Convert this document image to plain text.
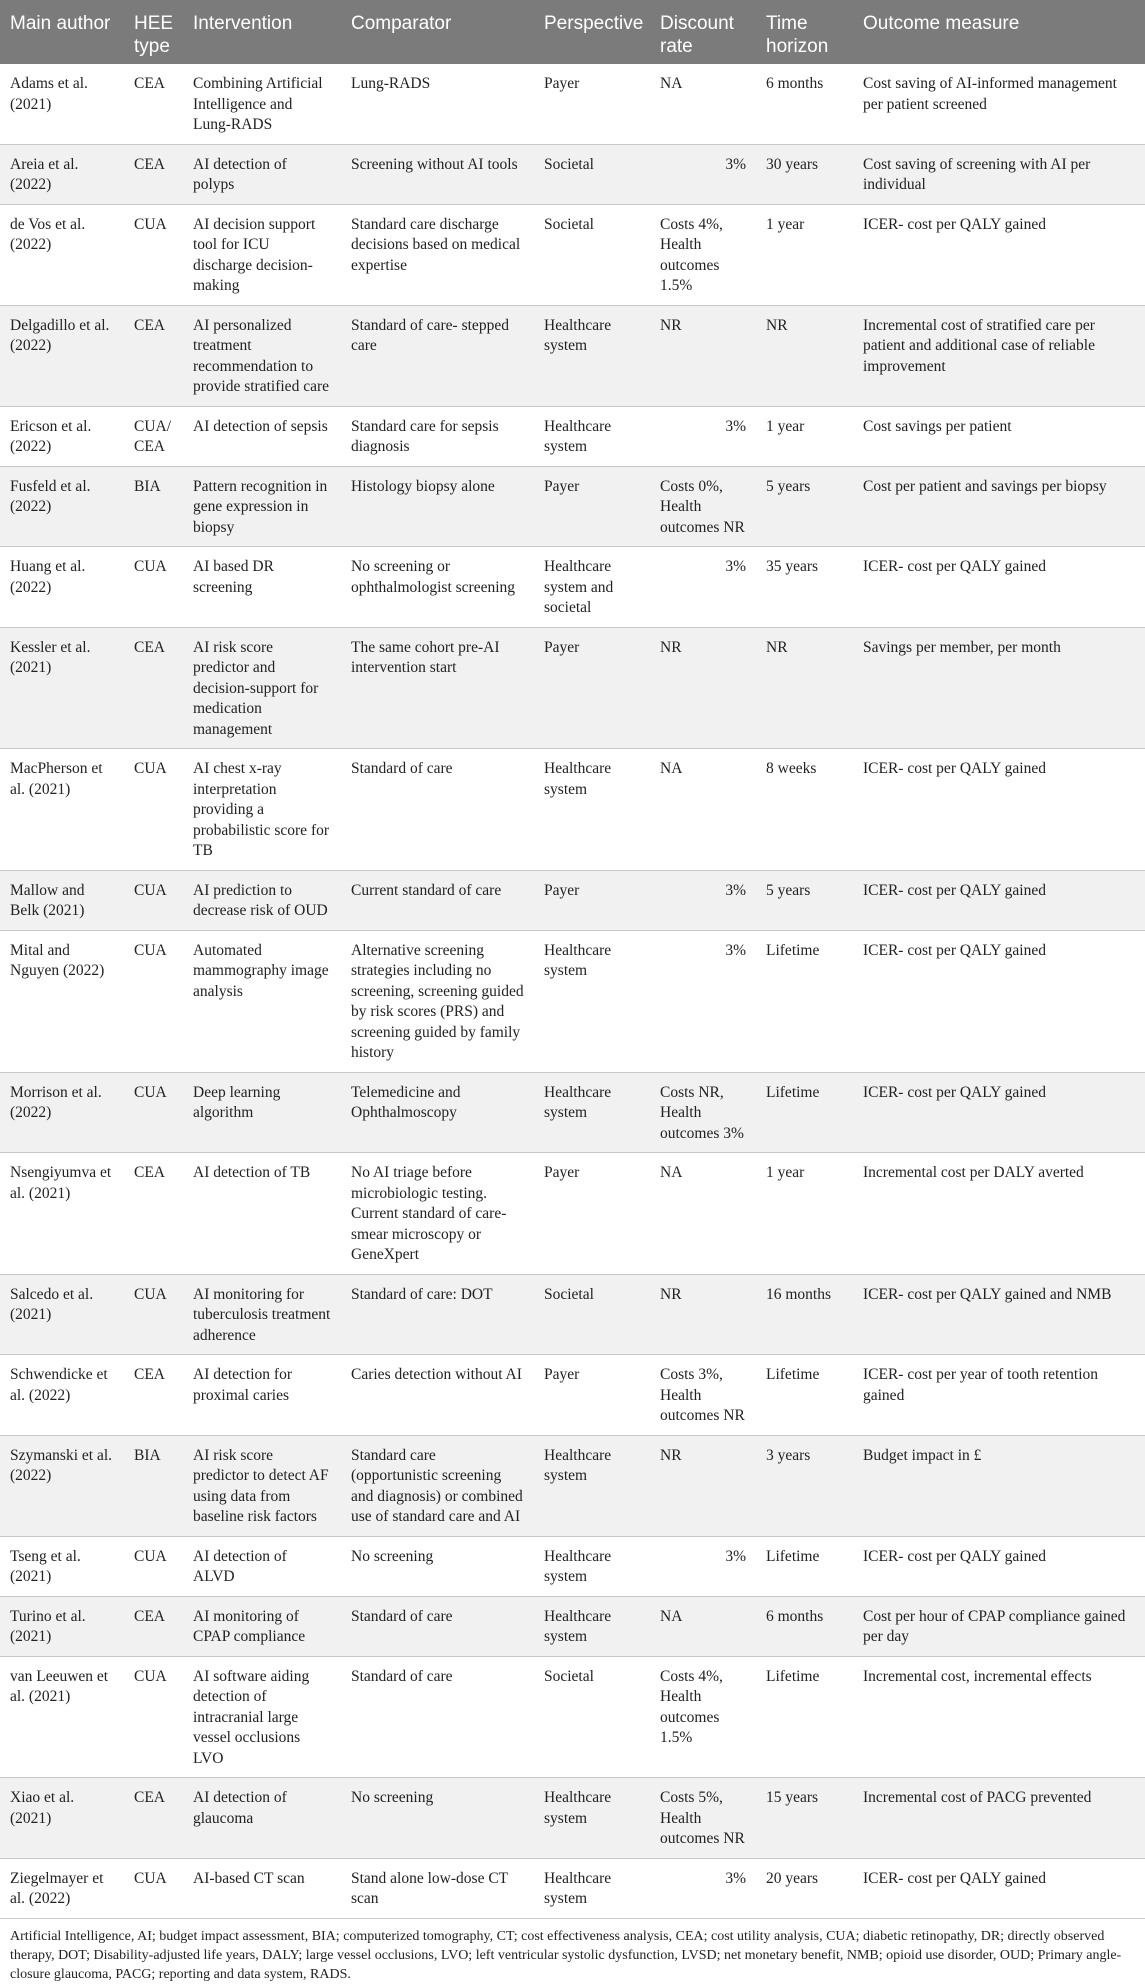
Main author	HEE type	Intervention	Comparator	Perspective	Discount rate	Time horizon	Outcome measure
Adams et al. (2021)	CEA	Combining Artificial Intelligence and Lung-RADS	Lung-RADS	Payer	NA	6 months	Cost saving of AI-informed management per patient screened
Areia et al. (2022)	CEA	AI detection of polyps	Screening without AI tools	Societal	3%	30 years	Cost saving of screening with AI per individual
de Vos et al. (2022)	CUA	AI decision support tool for ICU discharge decision-making	Standard care discharge decisions based on medical expertise	Societal	Costs 4%, Health outcomes 1.5%	1 year	ICER- cost per QALY gained
Delgadillo et al. (2022)	CEA	AI personalized treatment recommendation to provide stratified care	Standard of care- stepped care	Healthcare system	NR	NR	Incremental cost of stratified care per patient and additional case of reliable improvement
Ericson et al. (2022)	CUA/ CEA	AI detection of sepsis	Standard care for sepsis diagnosis	Healthcare system	3%	1 year	Cost savings per patient
Fusfeld et al. (2022)	BIA	Pattern recognition in gene expression in biopsy	Histology biopsy alone	Payer	Costs 0%, Health outcomes NR	5 years	Cost per patient and savings per biopsy
Huang et al. (2022)	CUA	AI based DR screening	No screening or ophthalmologist screening	Healthcare system and societal	3%	35 years	ICER- cost per QALY gained
Kessler et al. (2021)	CEA	AI risk score predictor and decision-support for medication management	The same cohort pre-AI intervention start	Payer	NR	NR	Savings per member, per month
MacPherson et al. (2021)	CUA	AI chest x-ray interpretation providing a probabilistic score for TB	Standard of care	Healthcare system	NA	8 weeks	ICER- cost per QALY gained
Mallow and Belk (2021)	CUA	AI prediction to decrease risk of OUD	Current standard of care	Payer	3%	5 years	ICER- cost per QALY gained
Mital and Nguyen (2022)	CUA	Automated mammography image analysis	Alternative screening strategies including no screening, screening guided by risk scores (PRS) and screening guided by family history	Healthcare system	3%	Lifetime	ICER- cost per QALY gained
Morrison et al. (2022)	CUA	Deep learning algorithm	Telemedicine and Ophthalmoscopy	Healthcare system	Costs NR, Health outcomes 3%	Lifetime	ICER- cost per QALY gained
Nsengiyumva et al. (2021)	CEA	AI detection of TB	No AI triage before microbiologic testing. Current standard of care- smear microscopy or GeneXpert	Payer	NA	1 year	Incremental cost per DALY averted
Salcedo et al. (2021)	CUA	AI monitoring for tuberculosis treatment adherence	Standard of care: DOT	Societal	NR	16 months	ICER- cost per QALY gained and NMB
Schwendicke et al. (2022)	CEA	AI detection for proximal caries	Caries detection without AI	Payer	Costs 3%, Health outcomes NR	Lifetime	ICER- cost per year of tooth retention gained
Szymanski et al. (2022)	BIA	AI risk score predictor to detect AF using data from baseline risk factors	Standard care (opportunistic screening and diagnosis) or combined use of standard care and AI	Healthcare system	NR	3 years	Budget impact in £
Tseng et al. (2021)	CUA	AI detection of ALVD	No screening	Healthcare system	3%	Lifetime	ICER- cost per QALY gained
Turino et al. (2021)	CEA	AI monitoring of CPAP compliance	Standard of care	Healthcare system	NA	6 months	Cost per hour of CPAP compliance gained per day
van Leeuwen et al. (2021)	CUA	AI software aiding detection of intracranial large vessel occlusions LVO	Standard of care	Societal	Costs 4%, Health outcomes 1.5%	Lifetime	Incremental cost, incremental effects
Xiao et al. (2021)	CEA	AI detection of glaucoma	No screening	Healthcare system	Costs 5%, Health outcomes NR	15 years	Incremental cost of PACG prevented
Ziegelmayer et al. (2022)	CUA	AI-based CT scan	Stand alone low-dose CT scan	Healthcare system	3%	20 years	ICER- cost per QALY gained
Artificial Intelligence, AI; budget impact assessment, BIA; computerized tomography, CT; cost effectiveness analysis, CEA; cost utility analysis, CUA; diabetic retinopathy, DR; directly observed therapy, DOT; Disability-adjusted life years, DALY; large vessel occlusions, LVO; left ventricular systolic dysfunction, LVSD; net monetary benefit, NMB; opioid use disorder, OUD; Primary angle-closure glaucoma, PACG; reporting and data system, RADS.
